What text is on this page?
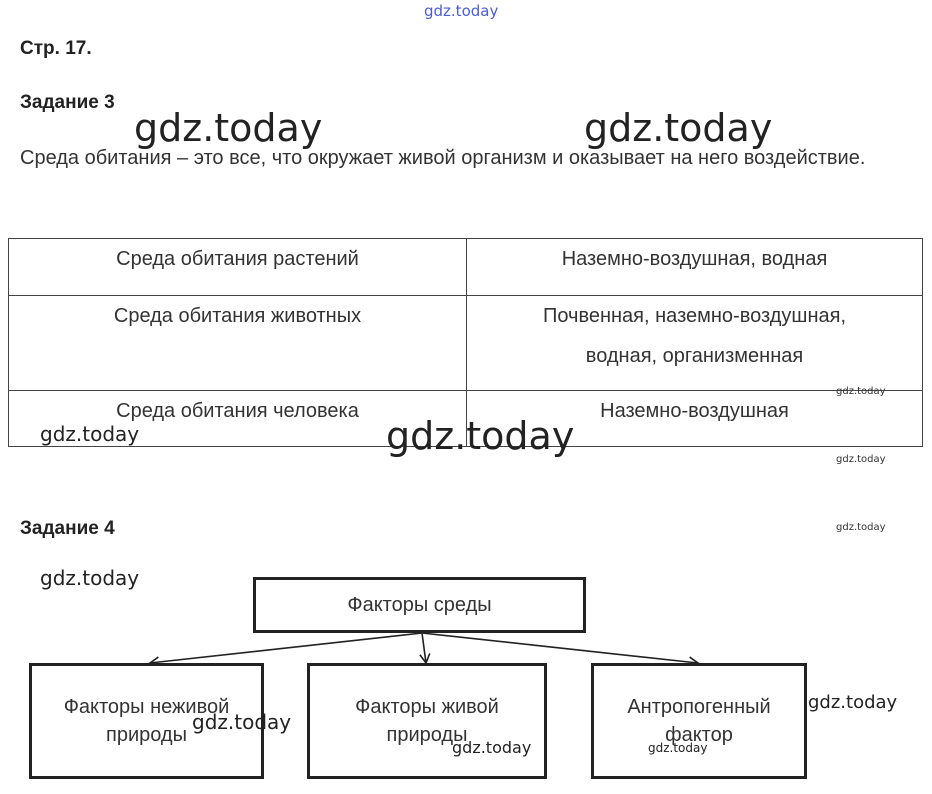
gdz.today
Стр. 17.
Задание 3
gdz.today	gdz.today
Среда обитания – это все, что окружает живой организм и оказывает на него воздействие.
Среда обитания растений	Наземно-воздушная, водная
Среда обитания животных	Почвенная, наземно-воздушная, водная, организменная
Среда обитания человека	Наземно-воздушная
gdz.today
gdz.today	gdz.today
gdz.today
Задание 4	gdz.today
gdz.today
Факторы среды
Факторы неживой
природы
Факторы живой
природы
Антропогенный
фактор
gdz.today
gdz.today	gdz.today
gdz.today
